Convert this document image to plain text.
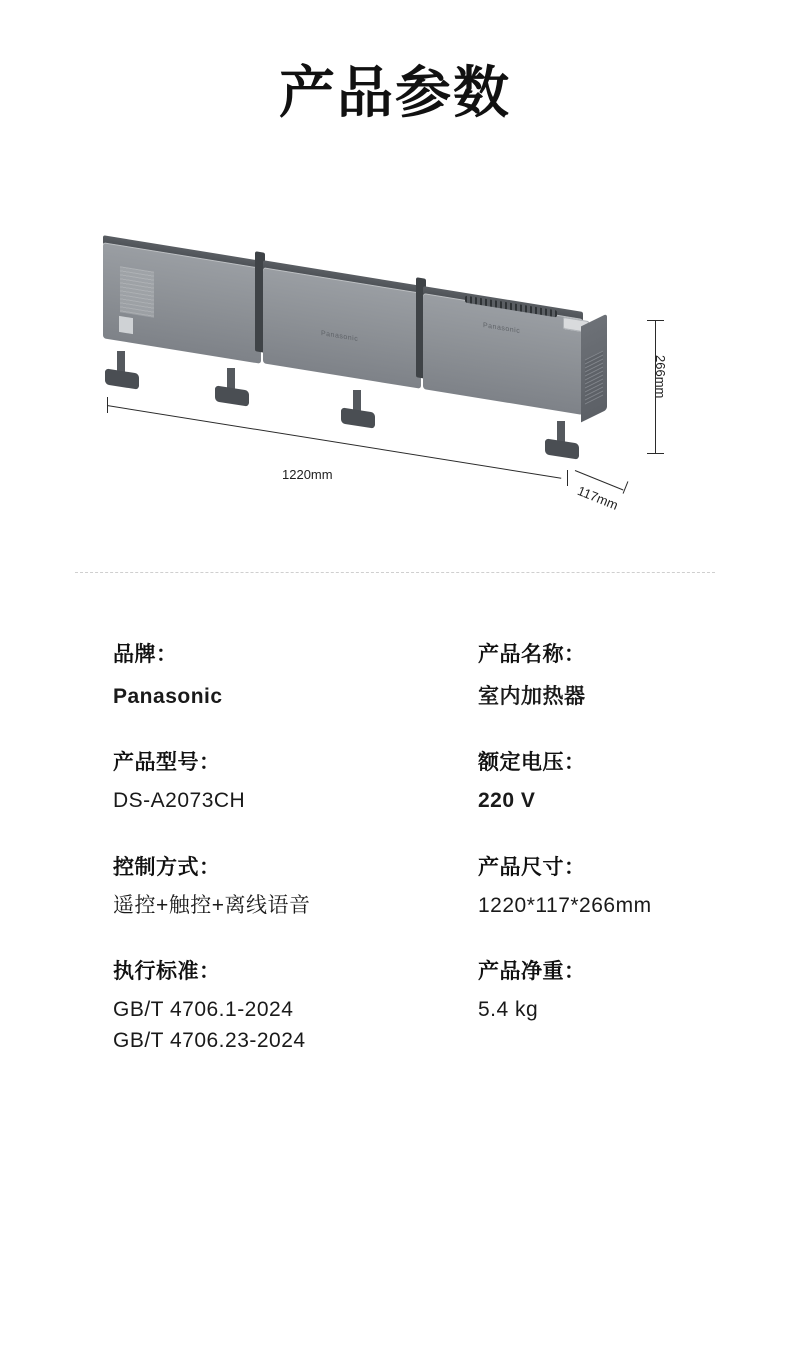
产品参数
Panasonic
Panasonic
1220mm
117mm
266mm
品牌：
Panasonic
产品名称：
室内加热器
产品型号：
DS-A2073CH
额定电压：
220 V
控制方式：
遥控+触控+离线语音
产品尺寸：
1220*117*266mm
执行标准：
GB/T 4706.1-2024
GB/T 4706.23-2024
产品净重：
5.4 kg
